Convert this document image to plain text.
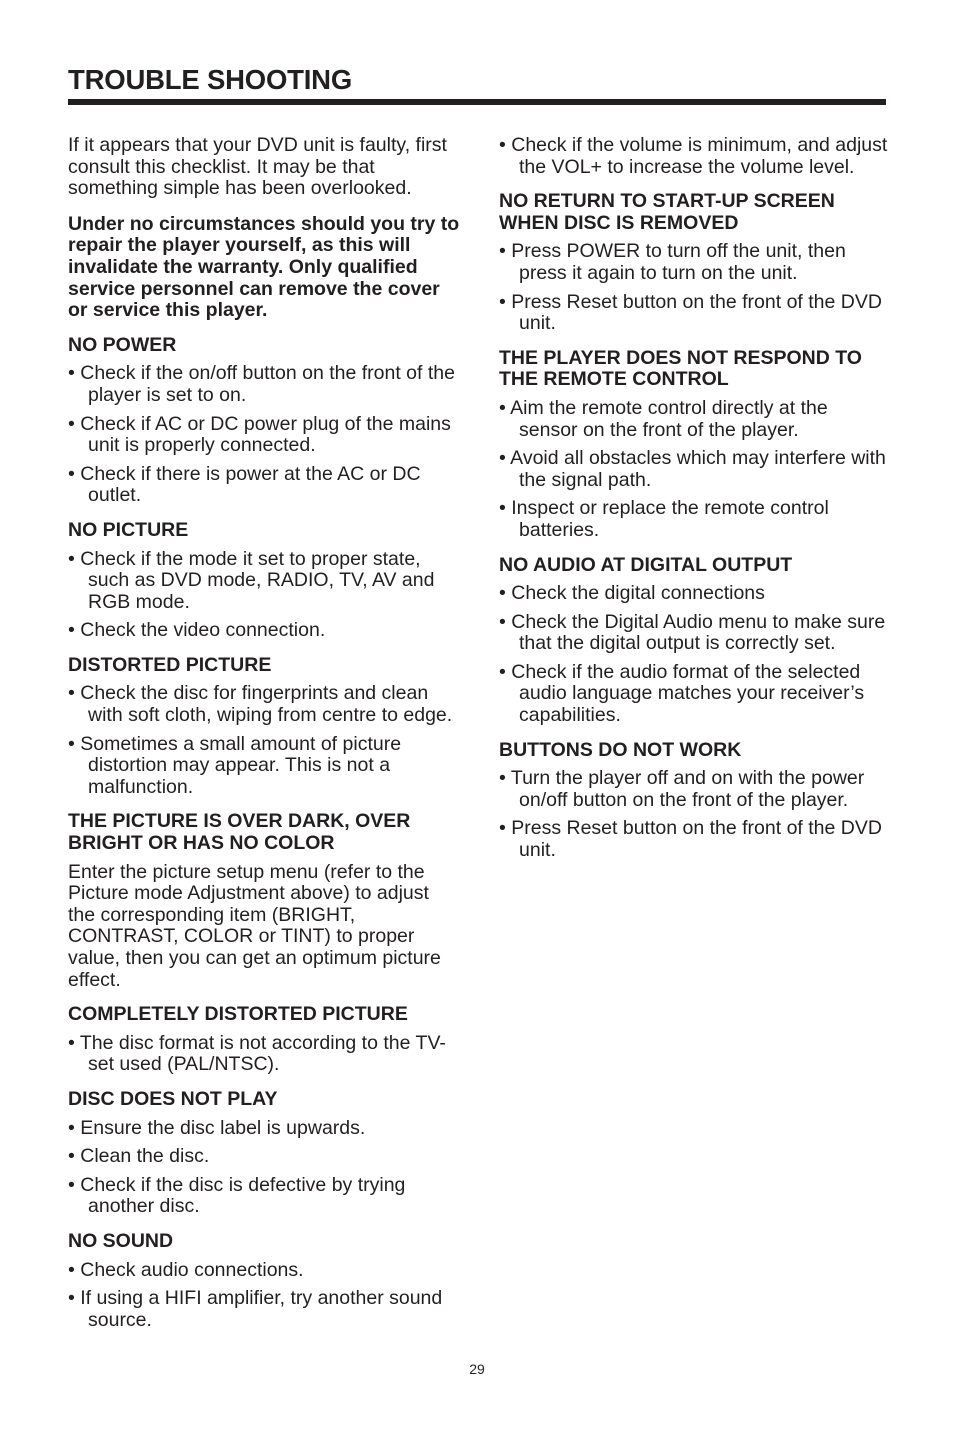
TROUBLE SHOOTING

If it appears that your DVD unit is faulty, first consult this checklist. It may be that something simple has been overlooked.

Under no circumstances should you try to repair the player yourself, as this will invalidate the warranty. Only qualified service personnel can remove the cover or service this player.

NO POWER
• Check if the on/off button on the front of the player is set to on.
• Check if AC or DC power plug of the mains unit is properly connected.
• Check if there is power at the AC or DC outlet.
NO PICTURE
• Check if the mode it set to proper state, such as DVD mode, RADIO, TV, AV and RGB mode.
• Check the video connection.
DISTORTED PICTURE
• Check the disc for fingerprints and clean with soft cloth, wiping from centre to edge.
• Sometimes a small amount of picture distortion may appear. This is not a malfunction.
THE PICTURE IS OVER DARK, OVER BRIGHT OR HAS NO COLOR

Enter the picture setup menu (refer to the Picture mode Adjustment above) to adjust the corresponding item (BRIGHT, CONTRAST, COLOR or TINT) to proper value, then you can get an optimum picture effect.

COMPLETELY DISTORTED PICTURE
• The disc format is not according to the TV-set used (PAL/NTSC).
DISC DOES NOT PLAY
• Ensure the disc label is upwards.
• Clean the disc.
• Check if the disc is defective by trying another disc.
NO SOUND
• Check audio connections.
• If using a HIFI amplifier, try another sound source.
• Check if the volume is minimum, and adjust the VOL+ to increase the volume level.
NO RETURN TO START-UP SCREEN WHEN DISC IS REMOVED
• Press POWER to turn off the unit, then press it again to turn on the unit.
• Press Reset button on the front of the DVD unit.
THE PLAYER DOES NOT RESPOND TO THE REMOTE CONTROL
• Aim the remote control directly at the sensor on the front of the player.
• Avoid all obstacles which may interfere with the signal path.
• Inspect or replace the remote control batteries.
NO AUDIO AT DIGITAL OUTPUT
• Check the digital connections
• Check the Digital Audio menu to make sure that the digital output is correctly set.
• Check if the audio format of the selected audio language matches your receiver’s capabilities.
BUTTONS DO NOT WORK
• Turn the player off and on with the power on/off button on the front of the player.
• Press Reset button on the front of the DVD unit.
29
